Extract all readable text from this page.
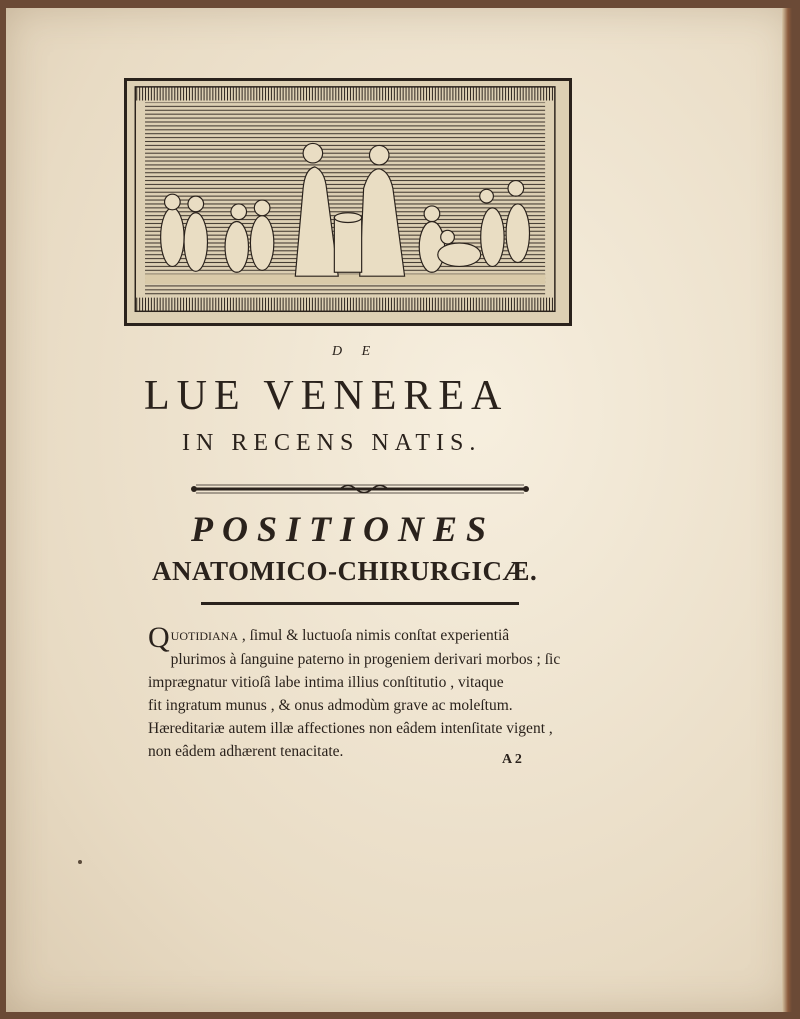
D E
LUE VENEREA
IN RECENS NATIS.
POSITIONES
ANATOMICO-CHIRURGICÆ.
QUOTIDIANA , ſimul & luctuoſa nimis conſtat experientiâ
plurimos à ſanguine paterno in progeniem derivari morbos ; ſic
imprægnatur vitioſâ labe intima illius conſtitutio , vitaque
fit ingratum munus , & onus admodùm grave ac moleſtum.
Hæreditariæ autem illæ affectiones non eâdem intenſitate vigent ,
non eâdem adhærent tenacitate.	A 2
